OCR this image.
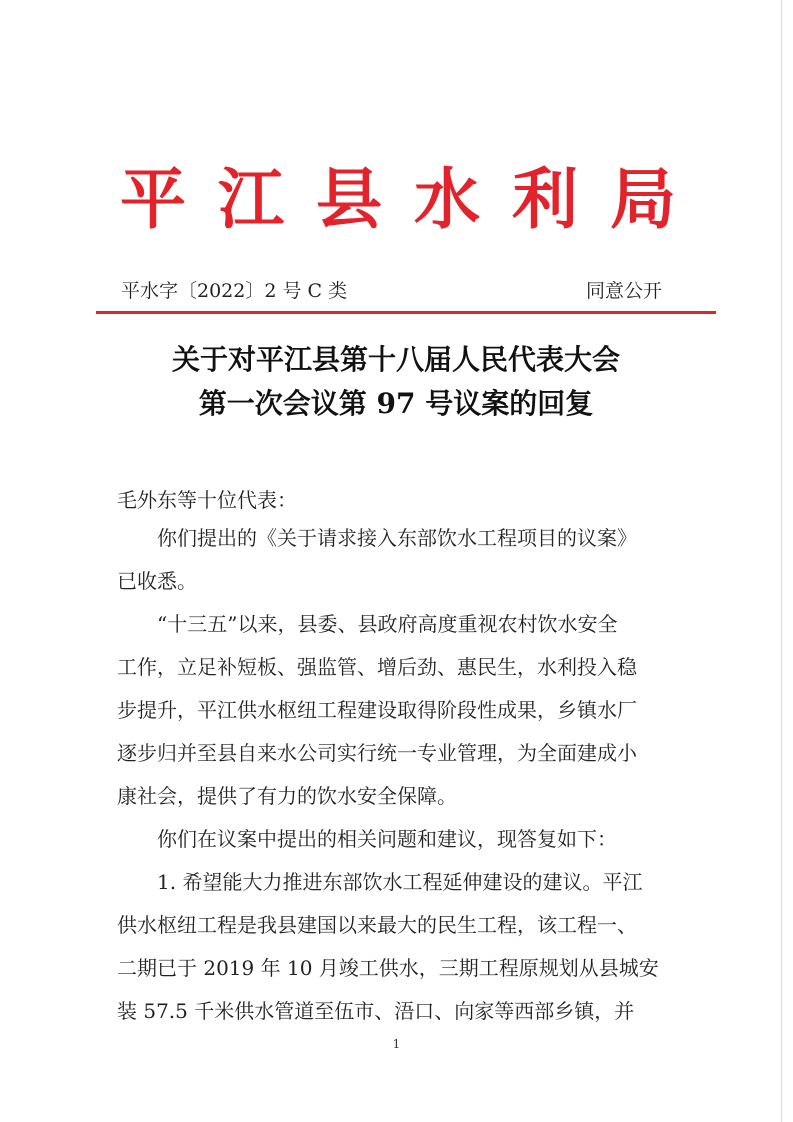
平 江 县 水 利 局
平水字〔2022〕2 号 C 类	同意公开
关于对平江县第十八届人民代表大会
第一次会议第 97 号议案的回复
毛外东等十位代表：
　　你们提出的《关于请求接入东部饮水工程项目的议案》
已收悉。
　　“十三五”以来，县委、县政府高度重视农村饮水安全
工作，立足补短板、强监管、增后劲、惠民生，水利投入稳
步提升，平江供水枢纽工程建设取得阶段性成果，乡镇水厂
逐步归并至县自来水公司实行统一专业管理，为全面建成小
康社会，提供了有力的饮水安全保障。
　　你们在议案中提出的相关问题和建议，现答复如下：
　　1. 希望能大力推进东部饮水工程延伸建设的建议。平江
供水枢纽工程是我县建国以来最大的民生工程，该工程一、
二期已于 2019 年 10 月竣工供水，三期工程原规划从县城安
装 57.5 千米供水管道至伍市、浯口、向家等西部乡镇，并
1
